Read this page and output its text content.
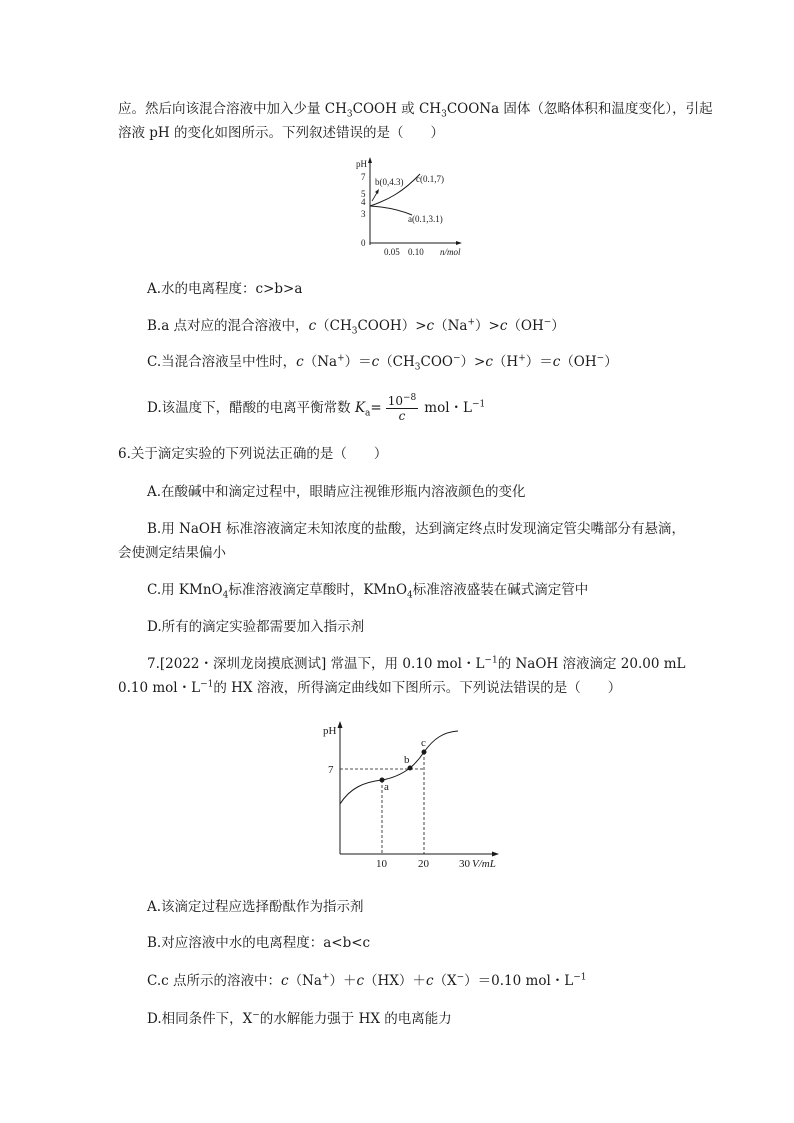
应。然后向该混合溶液中加入少量 $CH_3COOH$ 或 $CH_3COONa$ 固体（忽略体积和温度变化），引起
溶液 pH 的变化如图所示。下列叙述错误的是（　　）
pH
7
5
4
3
0
0.05 0.10 n/mol
b(0,4.3) c(0.1,7)
a(0.1,3.1)
A.水的电离程度：c>b>a
B.a 点对应的混合溶液中，$c(CH_3COOH)>c(Na^+)>c(OH^-)$
C.当混合溶液呈中性时，$c(Na^+)=c(CH_3COO^-)>c(H^+)=c(OH^-)$
D.该温度下，醋酸的电离平衡常数 $K_a= \frac{10^{-8}}{c}$ mol・$L^{-1}$
6.关于滴定实验的下列说法正确的是（　　）
A.在酸碱中和滴定过程中，眼睛应注视锥形瓶内溶液颜色的变化
B.用 NaOH 标准溶液滴定未知浓度的盐酸，达到滴定终点时发现滴定管尖嘴部分有悬滴，
会使测定结果偏小
C.用 KMnO$_4$标准溶液滴定草酸时，KMnO$_4$标准溶液盛装在碱式滴定管中
D.所有的滴定实验都需要加入指示剂
7.[2022・深圳龙岗摸底测试] 常温下，用 0.10 mol・$L^{-1}$的 NaOH 溶液滴定 20.00 mL
0.10 mol・$L^{-1}$的 HX 溶液，所得滴定曲线如下图所示。下列说法错误的是（　　）
pH
7
a
b
c
10	20	30 V/mL
A.该滴定过程应选择酚酞作为指示剂
B.对应溶液中水的电离程度：a<b<c
C.c 点所示的溶液中：c（Na+）＋c（HX）＋c（X−）＝0.10 mol・$L^{-1}$
D.相同条件下，X−的水解能力强于 HX 的电离能力
